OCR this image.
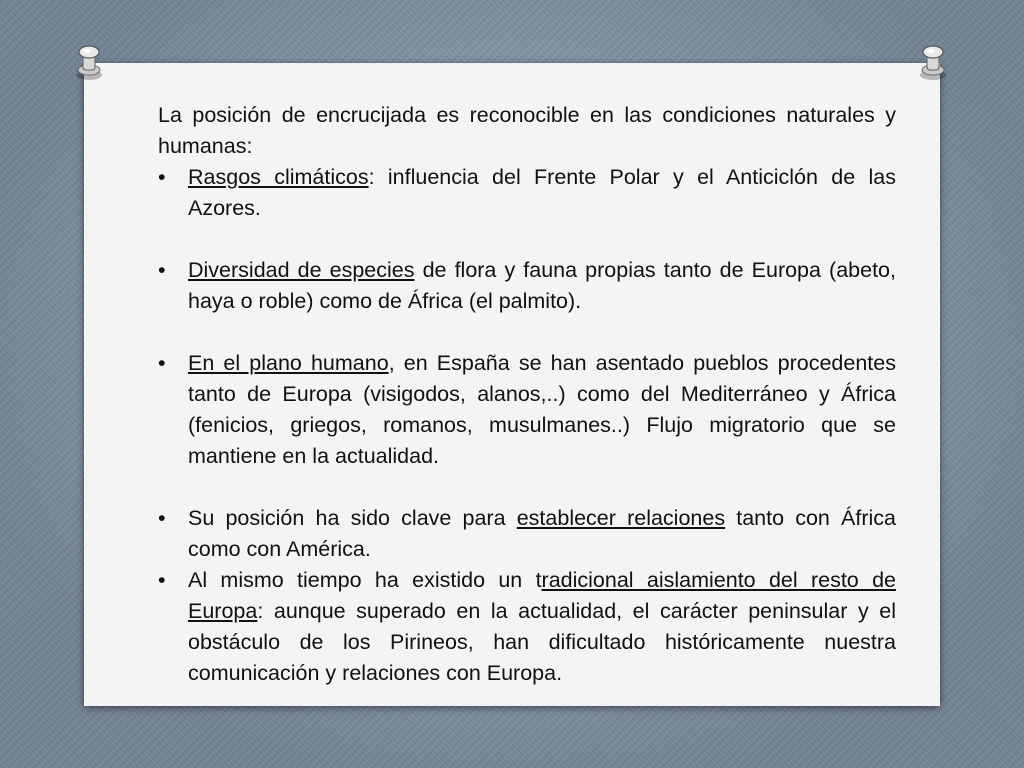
La posición de encrucijada es reconocible en las condiciones naturales y humanas:

•	Rasgos climáticos: influencia del Frente Polar y el Anticiclón de las Azores.
•	Diversidad de especies de flora y fauna propias tanto de Europa (abeto, haya o roble) como de África (el palmito).
•	En el plano humano, en España se han asentado pueblos procedentes tanto de Europa (visigodos, alanos,..) como del Mediterráneo y África (fenicios, griegos, romanos, musulmanes..) Flujo migratorio que se mantiene en la actualidad.
•	Su posición ha sido clave para establecer relaciones tanto con África como con América.
•	Al mismo tiempo ha existido un tradicional aislamiento del resto de Europa: aunque superado en la actualidad, el carácter peninsular y el obstáculo de los Pirineos, han dificultado históricamente nuestra comunicación y relaciones con Europa.
